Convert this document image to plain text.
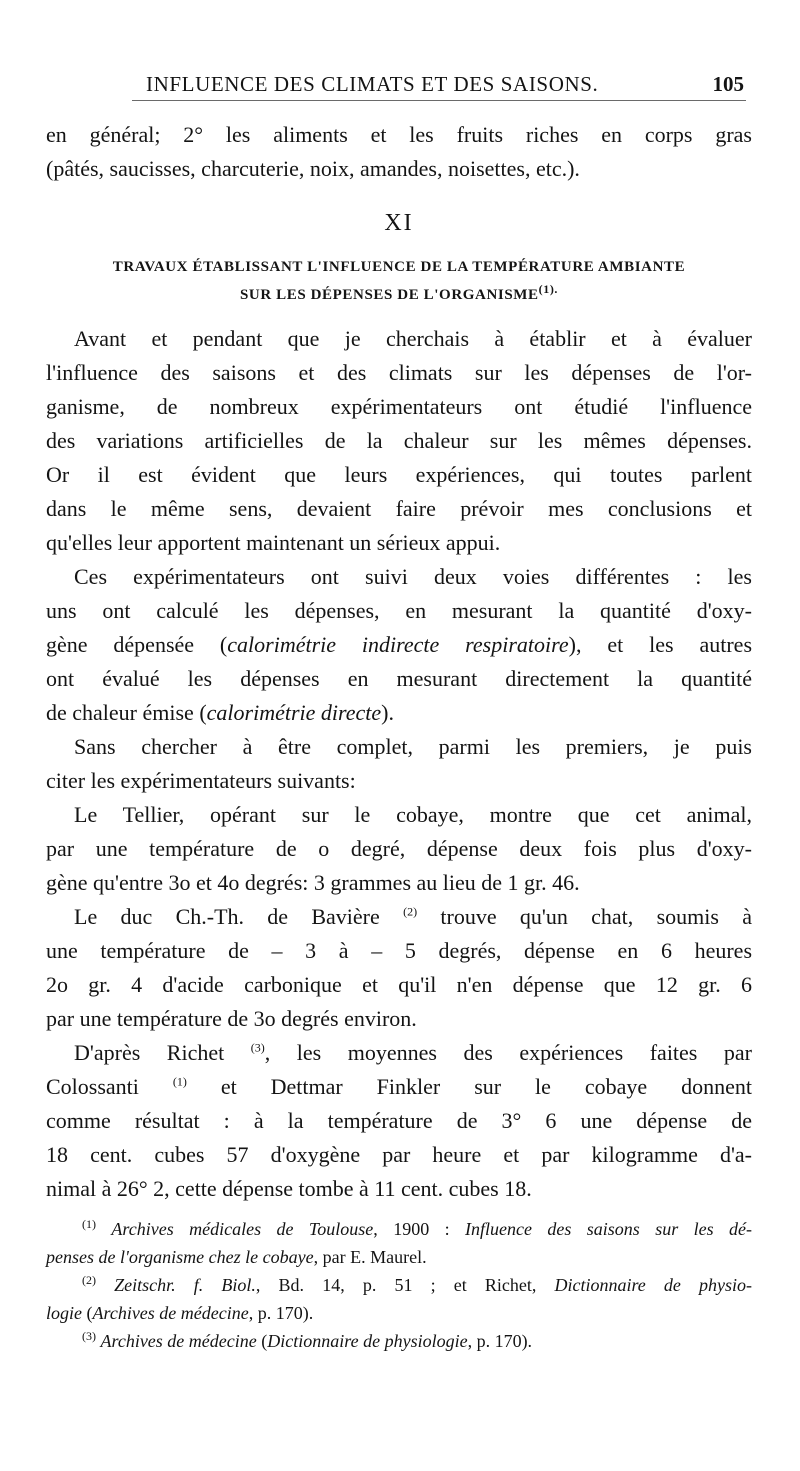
INFLUENCE DES CLIMATS ET DES SAISONS.	105
en général; 2° les aliments et les fruits riches en corps gras
(pâtés, saucisses, charcuterie, noix, amandes, noisettes, etc.).
XI
TRAVAUX ÉTABLISSANT L'INFLUENCE DE LA TEMPÉRATURE AMBIANTE
SUR LES DÉPENSES DE $L'ORGANISME^{(1).}$
Avant et pendant que je cherchais à établir et à évaluer
l'influence des saisons et des climats sur les dépenses de l'or-
ganisme, de nombreux expérimentateurs ont étudié l'influence
des variations artificielles de la chaleur sur les mêmes dépenses.
Or il est évident que leurs expériences, qui toutes parlent
dans le même sens, devaient faire prévoir mes conclusions et
qu'elles leur apportent maintenant un sérieux appui.
Ces expérimentateurs ont suivi deux voies différentes : les
uns ont calculé les dépenses, en mesurant la quantité d'oxy-
gène dépensée (calorimétrie indirecte respiratoire), et les autres
ont évalué les dépenses en mesurant directement la quantité
de chaleur émise (calorimétrie directe).
Sans chercher à être complet, parmi les premiers, je puis
citer les expérimentateurs suivants:
Le Tellier, opérant sur le cobaye, montre que cet animal,
par une température de o degré, dépense deux fois plus d'oxy-
gène qu'entre 3o et 4o degrés: 3 grammes au lieu de 1 gr. 46.
Le duc Ch.-Th. de Bavière $^{(2)}$ trouve qu'un chat, soumis à
une température de – 3 à – 5 degrés, dépense en 6 heures
2o gr. 4 d'acide carbonique et qu'il n'en dépense que 12 gr. 6
par une température de 3o degrés environ.
D'après Richet $^{(3)}$, les moyennes des expériences faites par
Colossanti $^{(1)}$ et Dettmar Finkler sur le cobaye donnent
comme résultat : à la température de 3° 6 une dépense de
18 cent. cubes 57 d'oxygène par heure et par kilogramme d'a-
nimal à 26° 2, cette dépense tombe à 11 cent. cubes 18.
$^{(1)}$ Archives médicales de Toulouse, 1900 : Influence des saisons sur les dé-
penses de l'organisme chez le cobaye, par E. Maurel.
$^{(2)}$ Zeitschr. f. Biol., Bd. 14, p. 51 ; et Richet, Dictionnaire de physio-
logie (Archives de médecine, p. 170).
$^{(3)}$ Archives de médecine (Dictionnaire de physiologie, p. 170).
